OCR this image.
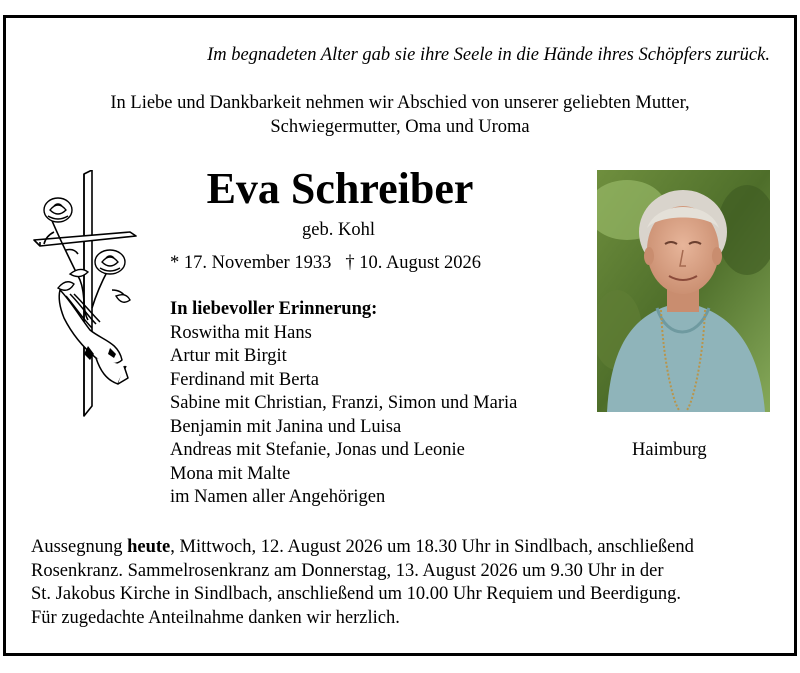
Im begnadeten Alter gab sie ihre Seele in die Hände ihres Schöpfers zurück.
In Liebe und Dankbarkeit nehmen wir Abschied von unserer geliebten Mutter,
Schwiegermutter, Oma und Uroma
Eva Schreiber
geb. Kohl
* 17. November 1933 † 10. August 2026
In liebevoller Erinnerung:
Roswitha mit Hans
Artur mit Birgit
Ferdinand mit Berta
Sabine mit Christian, Franzi, Simon und Maria
Benjamin mit Janina und Luisa
Andreas mit Stefanie, Jonas und Leonie
Mona mit Malte
im Namen aller Angehörigen
Haimburg
Aussegnung heute, Mittwoch, 12. August 2026 um 18.30 Uhr in Sindlbach, anschließend
Rosenkranz. Sammelrosenkranz am Donnerstag, 13. August 2026 um 9.30 Uhr in der
St. Jakobus Kirche in Sindlbach, anschließend um 10.00 Uhr Requiem und Beerdigung.
Für zugedachte Anteilnahme danken wir herzlich.
